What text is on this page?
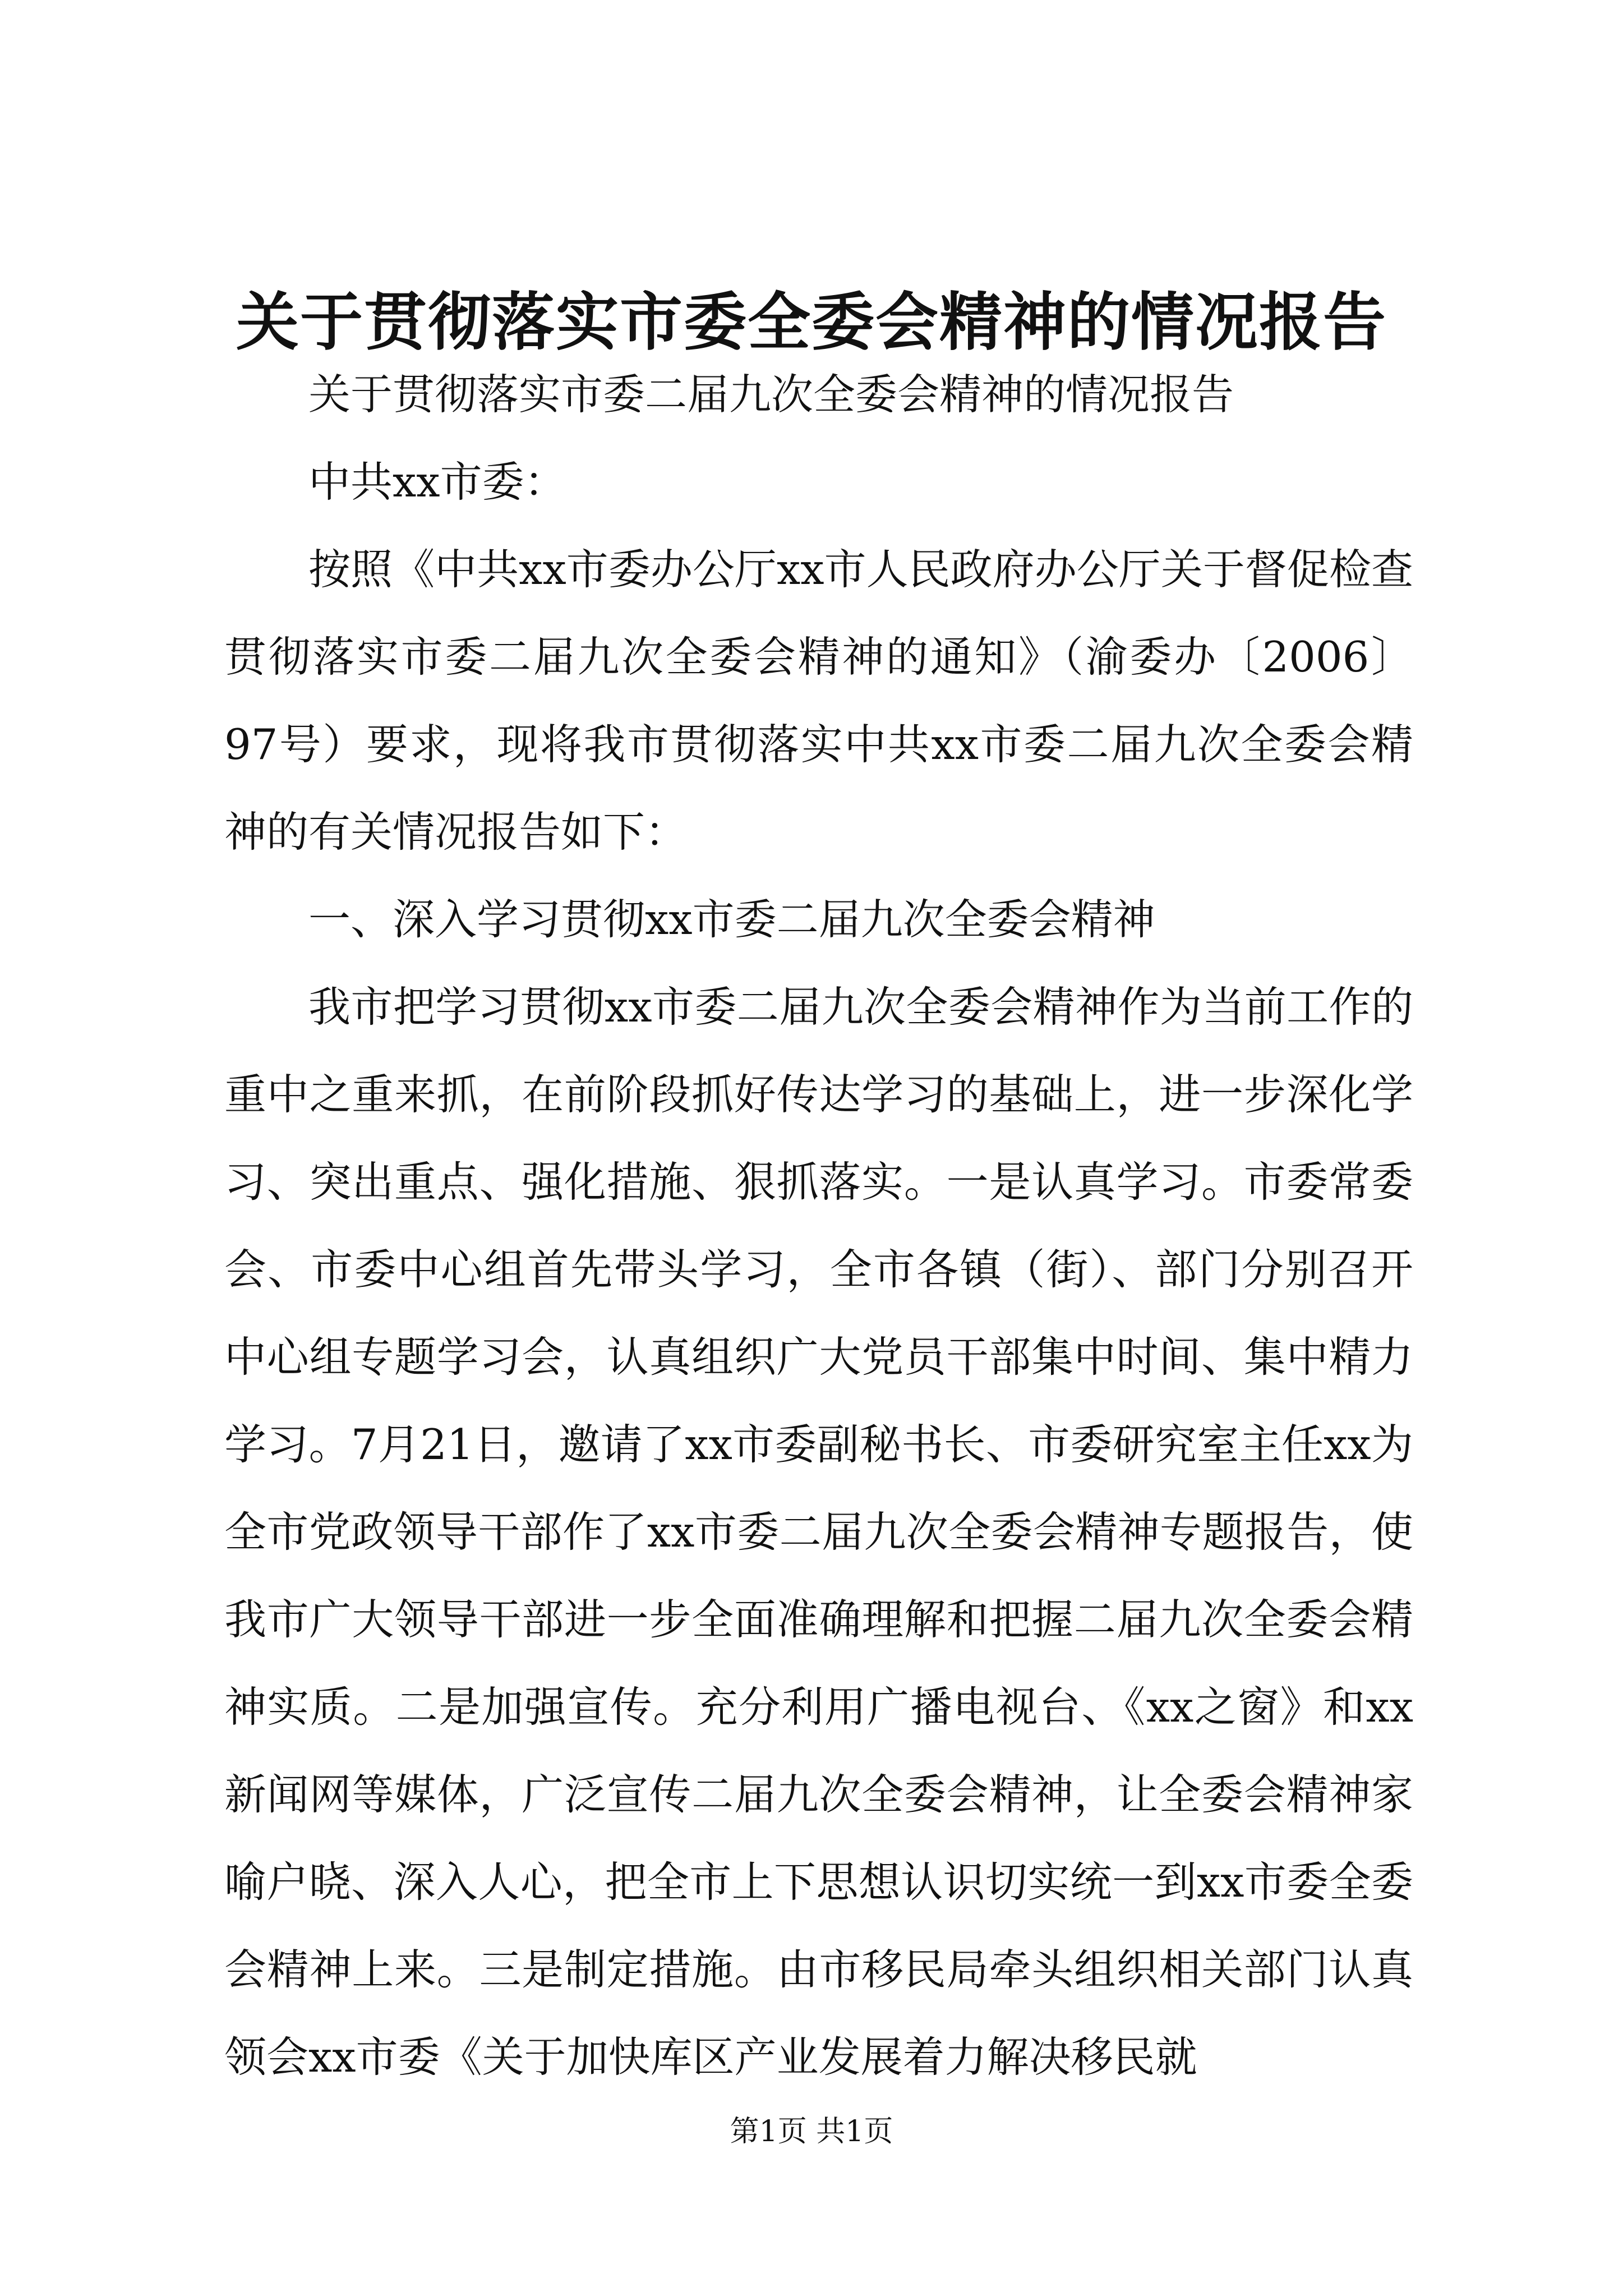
关于贯彻落实市委全委会精神的情况报告

关于贯彻落实市委二届九次全委会精神的情况报告

中共xx市委：

按照《中共xx市委办公厅xx市人民政府办公厅关于督促检查贯彻落实市委二届九次全委会精神的通知》（渝委办〔2006〕97号）要求，现将我市贯彻落实中共xx市委二届九次全委会精神的有关情况报告如下：

一、深入学习贯彻xx市委二届九次全委会精神

我市把学习贯彻xx市委二届九次全委会精神作为当前工作的重中之重来抓，在前阶段抓好传达学习的基础上，进一步深化学习、突出重点、强化措施、狠抓落实。一是认真学习。市委常委会、市委中心组首先带头学习，全市各镇（街）、部门分别召开中心组专题学习会，认真组织广大党员干部集中时间、集中精力学习。7月21日，邀请了xx市委副秘书长、市委研究室主任xx为全市党政领导干部作了xx市委二届九次全委会精神专题报告，使我市广大领导干部进一步全面准确理解和把握二届九次全委会精神实质。二是加强宣传。充分利用广播电视台、《xx之窗》和xx新闻网等媒体，广泛宣传二届九次全委会精神，让全委会精神家喻户晓、深入人心，把全市上下思想认识切实统一到xx市委全委会精神上来。三是制定措施。由市移民局牵头组织相关部门认真领会xx市委《关于加快库区产业发展着力解决移民就

第1页 共1页
